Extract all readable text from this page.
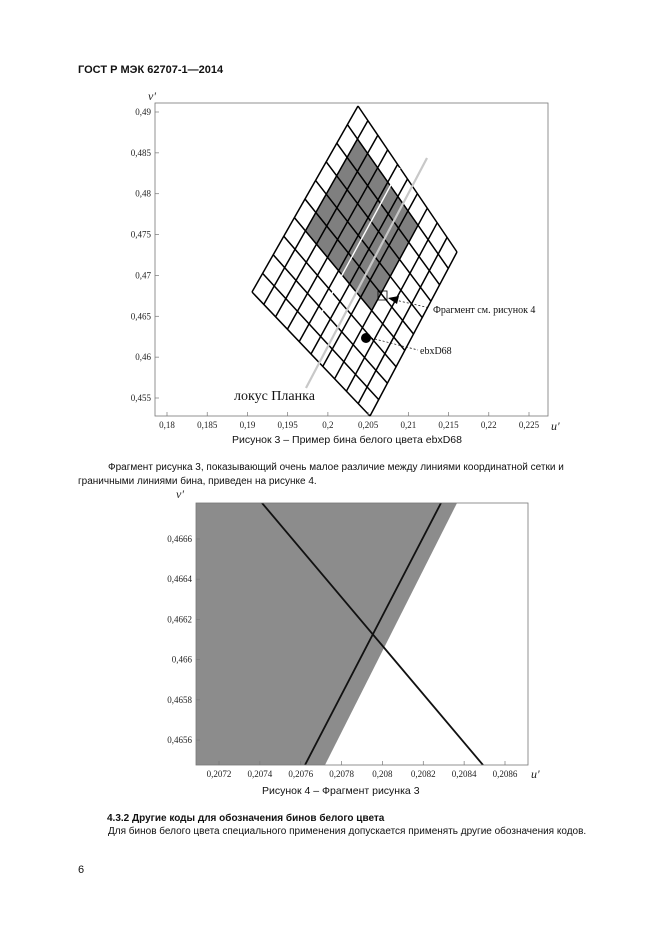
ГОСТ Р МЭК 62707-1—2014
0,49
0,485
0,48
0,475
0,47
0,465
0,46
0,455
0,18 0,185 0,19 0,195	0,2	0,205 0,21 0,215 0,22 0,225
v'
u'
Фрагмент см. рисунок 4
ebxD68
локус Планка
Рисунок 3 – Пример бина белого цвета ebxD68
Фрагмент рисунка 3, показывающий очень малое различие между линиями координатной сетки и граничными линиями бина, приведен на рисунке 4.
0,4666
0,4664
0,4662
0,466
0,4658
0,4656
0,2072 0,2074 0,2076 0,2078 0,208 0,2082 0,2084 0,2086
v'
u'
Рисунок 4 – Фрагмент рисунка 3
4.3.2 Другие коды для обозначения бинов белого цвета
Для бинов белого цвета специального применения допускается применять другие обозначения кодов.
6
